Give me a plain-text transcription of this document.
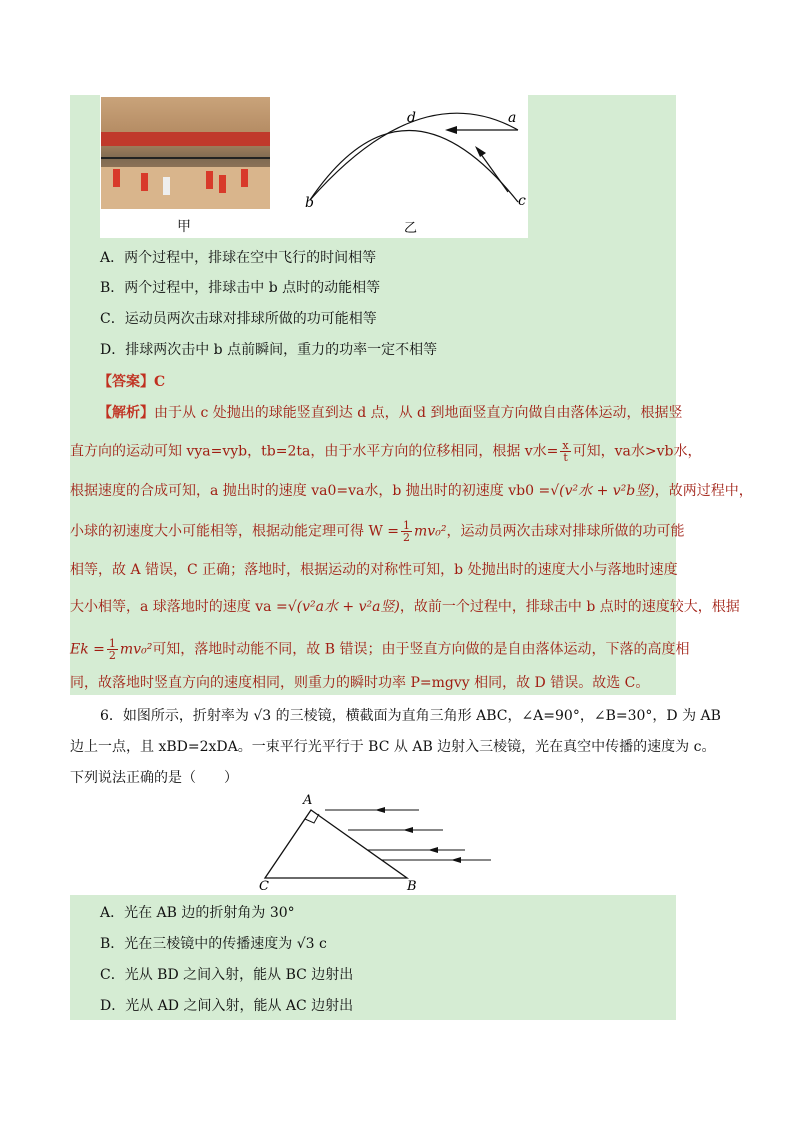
甲
d	a
b	c
乙
A．两个过程中，排球在空中飞行的时间相等
B．两个过程中，排球击中 b 点时的动能相等
C．运动员两次击球对排球所做的功可能相等
D．排球两次击中 b 点前瞬间，重力的功率一定不相等
【答案】C
【解析】由于从 c 处抛出的球能竖直到达 d 点，从 d 到地面竖直方向做自由落体运动，根据竖
直方向的运动可知 vya=vyb，tb=2ta，由于水平方向的位移相同，根据 v水= $\frac{x}{t}$ 可知，va水>vb水，
根据速度的合成可知，a 抛出时的速度 va0=va水，b 抛出时的初速度 vb0 =√(v²水 + v²b竖)，故两过程中，
小球的初速度大小可能相等，根据动能定理可得 $W = \frac{1}{2} mv_0^2$，运动员两次击球对排球所做的功可能
相等，故 A 错误，C 正确；落地时，根据运动的对称性可知，b 处抛出时的速度大小与落地时速度
大小相等，a 球落地时的速度 va =√(v²a水 + v²a竖)，故前一个过程中，排球击中 b 点时的速度较大，根据
$Ek = \frac{1}{2} mv_0^2$可知，落地时动能不同，故 B 错误；由于竖直方向做的是自由落体运动，下落的高度相
同，故落地时竖直方向的速度相同，则重力的瞬时功率 P=mgvy 相同，故 D 错误。故选 C。
6．如图所示，折射率为 √3 的三棱镜，横截面为直角三角形 ABC，∠A=90°，∠B=30°，D 为 AB
边上一点，且 xBD=2xDA。一束平行光平行于 BC 从 AB 边射入三棱镜，光在真空中传播的速度为 c。
下列说法正确的是（　　）
A
C	B
A．光在 AB 边的折射角为 30°
B．光在三棱镜中的传播速度为 √3 c
C．光从 BD 之间入射，能从 BC 边射出
D．光从 AD 之间入射，能从 AC 边射出
